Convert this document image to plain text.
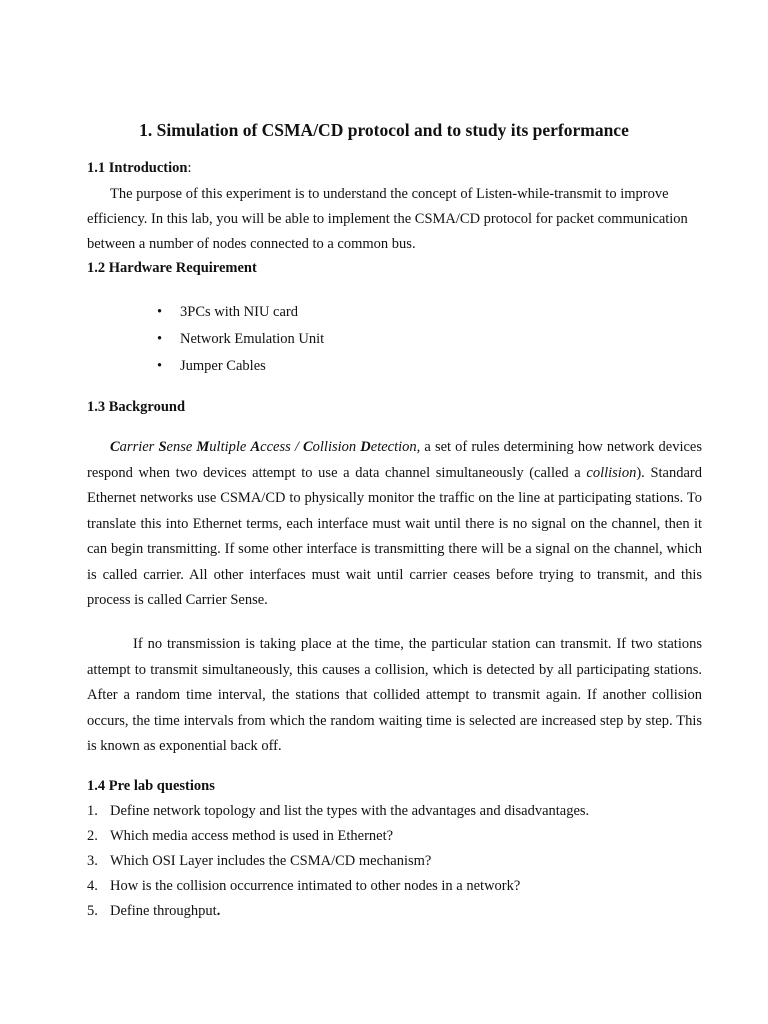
1. Simulation of CSMA/CD protocol and to study its performance

1.1 Introduction:

The purpose of this experiment is to understand the concept of Listen-while-transmit to improve efficiency. In this lab, you will be able to implement the CSMA/CD protocol for packet communication between a number of nodes connected to a common bus.

1.2 Hardware Requirement

• 3PCs with NIU card
• Network Emulation Unit
• Jumper Cables

1.3 Background

Carrier Sense Multiple Access / Collision Detection, a set of rules determining how network devices respond when two devices attempt to use a data channel simultaneously (called a collision). Standard Ethernet networks use CSMA/CD to physically monitor the traffic on the line at participating stations. To translate this into Ethernet terms, each interface must wait until there is no signal on the channel, then it can begin transmitting. If some other interface is transmitting there will be a signal on the channel, which is called carrier. All other interfaces must wait until carrier ceases before trying to transmit, and this process is called Carrier Sense.

If no transmission is taking place at the time, the particular station can transmit. If two stations attempt to transmit simultaneously, this causes a collision, which is detected by all participating stations. After a random time interval, the stations that collided attempt to transmit again. If another collision occurs, the time intervals from which the random waiting time is selected are increased step by step. This is known as exponential back off.

1.4 Pre lab questions

1. Define network topology and list the types with the advantages and disadvantages.
2. Which media access method is used in Ethernet?
3. Which OSI Layer includes the CSMA/CD mechanism?
4. How is the collision occurrence intimated to other nodes in a network?
5. Define throughput.
